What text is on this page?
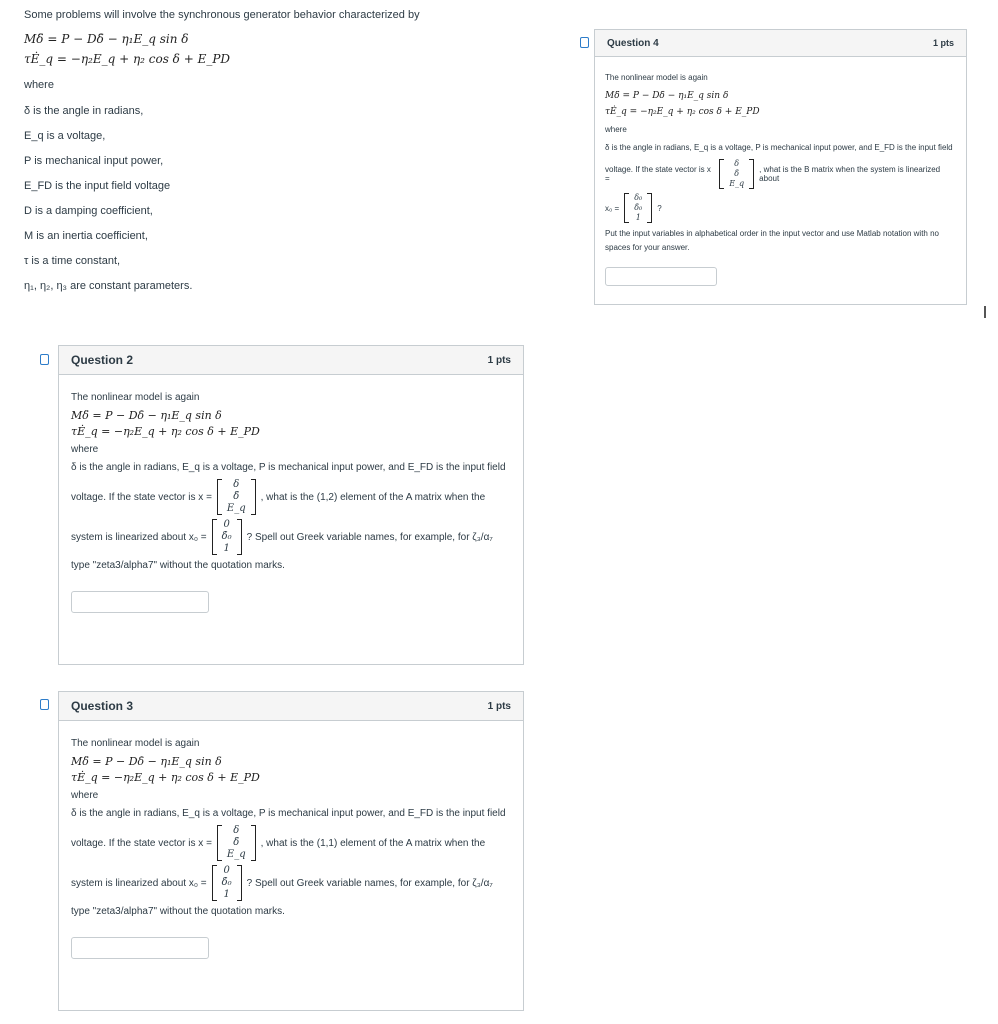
Some problems will involve the synchronous generator behavior characterized by

Mδ̈ = P − Dδ̇ − η₁E_q sin δ

τĖ_q = −η₂E_q + η₂ cos δ + E_PD

where

δ is the angle in radians,

E_q is a voltage,

P is mechanical input power,

E_FD is the input field voltage

D is a damping coefficient,

M is an inertia coefficient,

τ is a time constant,

η₁, η₂, η₃ are constant parameters.

Question 2	1 pts

The nonlinear model is again

Mδ̈ = P − Dδ̇ − η₁E_q sin δ

τĖ_q = −η₂E_q + η₂ cos δ + E_PD

where

δ is the angle in radians, E_q is a voltage, P is mechanical input power, and E_FD is the input field

voltage. If the state vector is x =
δ
δ̇
E_q
, what is the (1,2) element of the A matrix when the
system is linearized about x₀ =
0
δ̇₀
1
? Spell out Greek variable names, for example, for ζ₃/α₇

type "zeta3/alpha7" without the quotation marks.

Question 3	1 pts

The nonlinear model is again

Mδ̈ = P − Dδ̇ − η₁E_q sin δ

τĖ_q = −η₂E_q + η₂ cos δ + E_PD

where

δ is the angle in radians, E_q is a voltage, P is mechanical input power, and E_FD is the input field

voltage. If the state vector is x =
δ
δ̇
E_q
, what is the (1,1) element of the A matrix when the
system is linearized about x₀ =
0
δ̇₀
1
? Spell out Greek variable names, for example, for ζ₃/α₇

type "zeta3/alpha7" without the quotation marks.

Question 4	1 pts

The nonlinear model is again

Mδ̈ = P − Dδ̇ − η₁E_q sin δ

τĖ_q = −η₂E_q + η₂ cos δ + E_PD

where

δ is the angle in radians, E_q is a voltage, P is mechanical input power, and E_FD is the input field

voltage. If the state vector is x =
δ
δ̇
E_q
, what is the B matrix when the system is linearized about
x₀ =
δ₀
δ̇₀
1
?

Put the input variables in alphabetical order in the input vector and use Matlab notation with no spaces for your answer.
